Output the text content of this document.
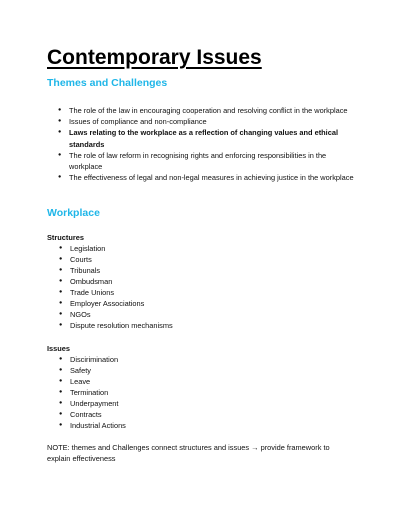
Contemporary Issues
Themes and Challenges
● The role of the law in encouraging cooperation and resolving conflict in the workplace
● Issues of compliance and non-compliance
● Laws relating to the workplace as a reflection of changing values and ethical standards
● The role of law reform in recognising rights and enforcing responsibilities in the workplace
● The effectiveness of legal and non-legal measures in achieving justice in the workplace
Workplace

Structures

● Legislation
● Courts
● Tribunals
● Ombudsman
● Trade Unions
● Employer Associations
● NGOs
● Dispute resolution mechanisms

Issues

● Discirimination
● Safety
● Leave
● Termination
● Underpayment
● Contracts
● Industrial Actions

NOTE: themes and Challenges connect structures and issues → provide framework to explain effectiveness
